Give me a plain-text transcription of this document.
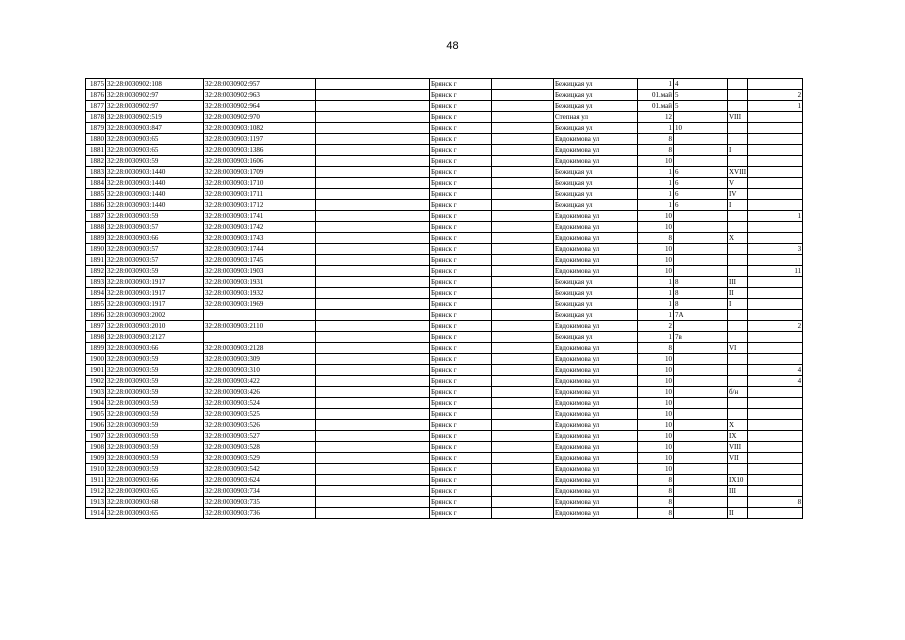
48
1875	32:28:0030902:108	32:28:0030902:957		Брянск г		Бежицкая ул	1	4		
1876	32:28:0030902:97	32:28:0030902:963		Брянск г		Бежицкая ул	01.май	5		2
1877	32:28:0030902:97	32:28:0030902:964		Брянск г		Бежицкая ул	01.май	5		1
1878	32:28:0030902:519	32:28:0030902:970		Брянск г		Степная ул	12		VIII	
1879	32:28:0030903:847	32:28:0030903:1082		Брянск г		Бежицкая ул	1	10		
1880	32:28:0030903:65	32:28:0030903:1197		Брянск г		Евдокимова ул	8			
1881	32:28:0030903:65	32:28:0030903:1386		Брянск г		Евдокимова ул	8		I	
1882	32:28:0030903:59	32:28:0030903:1606		Брянск г		Евдокимова ул	10			
1883	32:28:0030903:1440	32:28:0030903:1709		Брянск г		Бежицкая ул	1	6	XVIII	
1884	32:28:0030903:1440	32:28:0030903:1710		Брянск г		Бежицкая ул	1	6	V	
1885	32:28:0030903:1440	32:28:0030903:1711		Брянск г		Бежицкая ул	1	6	IV	
1886	32:28:0030903:1440	32:28:0030903:1712		Брянск г		Бежицкая ул	1	6	I	
1887	32:28:0030903:59	32:28:0030903:1741		Брянск г		Евдокимова ул	10			1
1888	32:28:0030903:57	32:28:0030903:1742		Брянск г		Евдокимова ул	10			
1889	32:28:0030903:66	32:28:0030903:1743		Брянск г		Евдокимова ул	8		X	
1890	32:28:0030903:57	32:28:0030903:1744		Брянск г		Евдокимова ул	10			3
1891	32:28:0030903:57	32:28:0030903:1745		Брянск г		Евдокимова ул	10			
1892	32:28:0030903:59	32:28:0030903:1903		Брянск г		Евдокимова ул	10			11
1893	32:28:0030903:1917	32:28:0030903:1931		Брянск г		Бежицкая ул	1	8	III	
1894	32:28:0030903:1917	32:28:0030903:1932		Брянск г		Бежицкая ул	1	8	II	
1895	32:28:0030903:1917	32:28:0030903:1969		Брянск г		Бежицкая ул	1	8	I	
1896	32:28:0030903:2002			Брянск г		Бежицкая ул	1	7А		
1897	32:28:0030903:2010	32:28:0030903:2110		Брянск г		Евдокимова ул	2			2
1898	32:28:0030903:2127			Брянск г		Бежицкая ул	1	7в		
1899	32:28:0030903:66	32:28:0030903:2128		Брянск г		Евдокимова ул	8		VI	
1900	32:28:0030903:59	32:28:0030903:309		Брянск г		Евдокимова ул	10			
1901	32:28:0030903:59	32:28:0030903:310		Брянск г		Евдокимова ул	10			4
1902	32:28:0030903:59	32:28:0030903:422		Брянск г		Евдокимова ул	10			4
1903	32:28:0030903:59	32:28:0030903:426		Брянск г		Евдокимова ул	10		б/н	
1904	32:28:0030903:59	32:28:0030903:524		Брянск г		Евдокимова ул	10			
1905	32:28:0030903:59	32:28:0030903:525		Брянск г		Евдокимова ул	10			
1906	32:28:0030903:59	32:28:0030903:526		Брянск г		Евдокимова ул	10		X	
1907	32:28:0030903:59	32:28:0030903:527		Брянск г		Евдокимова ул	10		IX	
1908	32:28:0030903:59	32:28:0030903:528		Брянск г		Евдокимова ул	10		VIII	
1909	32:28:0030903:59	32:28:0030903:529		Брянск г		Евдокимова ул	10		VII	
1910	32:28:0030903:59	32:28:0030903:542		Брянск г		Евдокимова ул	10			
1911	32:28:0030903:66	32:28:0030903:624		Брянск г		Евдокимова ул	8		IX10	
1912	32:28:0030903:65	32:28:0030903:734		Брянск г		Евдокимова ул	8		III	
1913	32:28:0030903:68	32:28:0030903:735		Брянск г		Евдокимова ул	8			8
1914	32:28:0030903:65	32:28:0030903:736		Брянск г		Евдокимова ул	8		II	
